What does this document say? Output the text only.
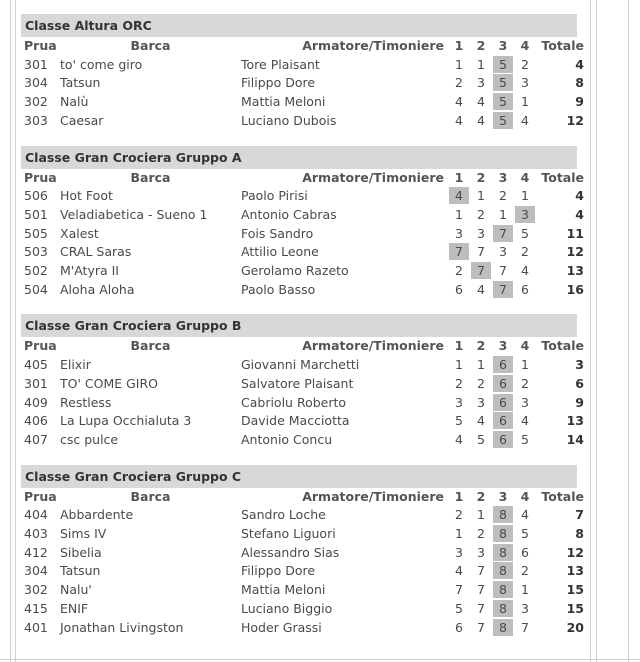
Classe Altura ORC
Prua	Barca	Armatore/Timoniere	1	2	3	4	Totale
301	to' come giro	Tore Plaisant	1	1	5	2	4
304	Tatsun	Filippo Dore	2	3	5	3	8
302	Nalù	Mattia Meloni	4	4	5	1	9
303	Caesar	Luciano Dubois	4	4	5	4	12
Classe Gran Crociera Gruppo A
Prua	Barca	Armatore/Timoniere	1	2	3	4	Totale
506	Hot Foot	Paolo Pirisi	4	1	2	1	4
501	Veladiabetica - Sueno 1	Antonio Cabras	1	2	1	3	4
505	Xalest	Fois Sandro	3	3	7	5	11
503	CRAL Saras	Attilio Leone	7	7	3	2	12
502	M'Atyra II	Gerolamo Razeto	2	7	7	4	13
504	Aloha Aloha	Paolo Basso	6	4	7	6	16
Classe Gran Crociera Gruppo B
Prua	Barca	Armatore/Timoniere	1	2	3	4	Totale
405	Elixir	Giovanni Marchetti	1	1	6	1	3
301	TO' COME GIRO	Salvatore Plaisant	2	2	6	2	6
409	Restless	Cabriolu Roberto	3	3	6	3	9
406	La Lupa Occhialuta 3	Davide Macciotta	5	4	6	4	13
407	csc pulce	Antonio Concu	4	5	6	5	14
Classe Gran Crociera Gruppo C
Prua	Barca	Armatore/Timoniere	1	2	3	4	Totale
404	Abbardente	Sandro Loche	2	1	8	4	7
403	Sims IV	Stefano Liguori	1	2	8	5	8
412	Sibelia	Alessandro Sias	3	3	8	6	12
304	Tatsun	Filippo Dore	4	7	8	2	13
302	Nalu'	Mattia Meloni	7	7	8	1	15
415	ENIF	Luciano Biggio	5	7	8	3	15
401	Jonathan Livingston	Hoder Grassi	6	7	8	7	20
